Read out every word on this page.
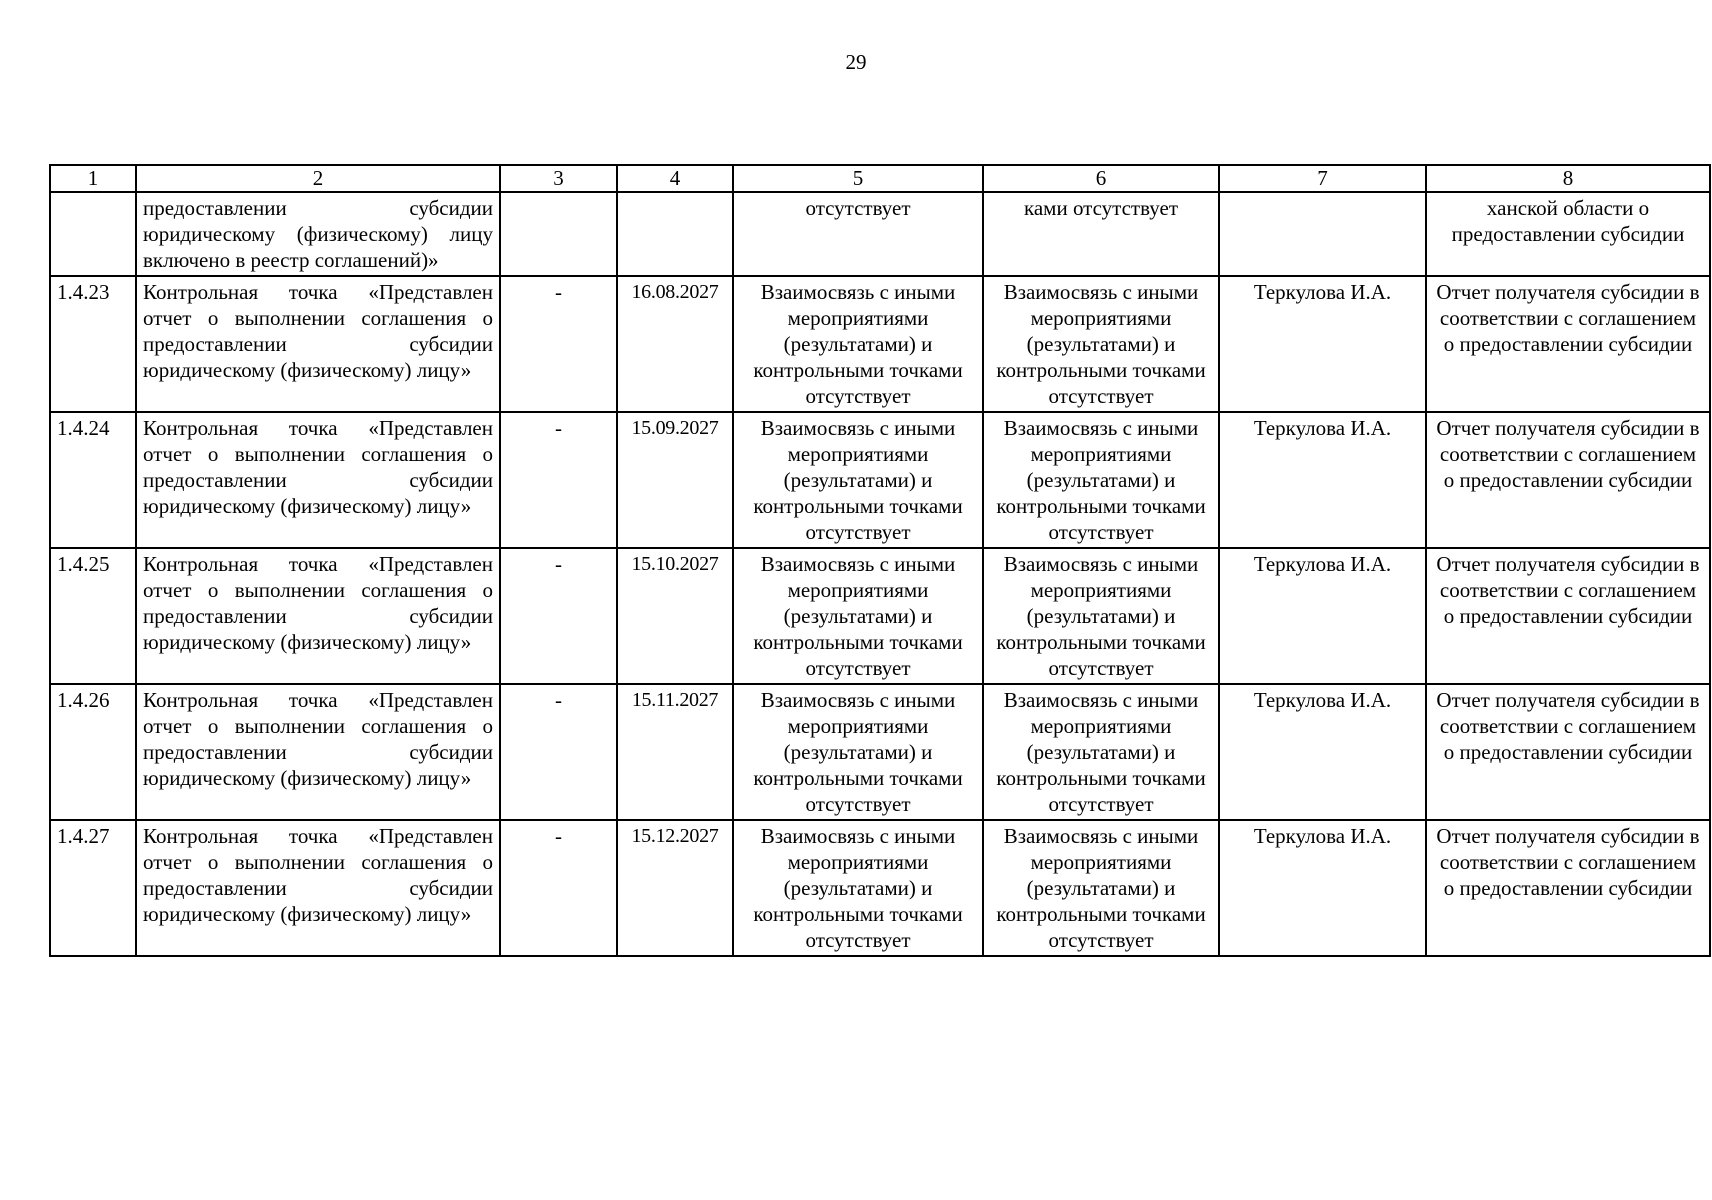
29
1	2	3	4	5	6	7	8
	предоставлении субсидии юридическому (физическому) лицу включено в реестр соглашений)»			отсутствует	ками отсутствует		ханской области о предоставлении субсидии
1.4.23	Контрольная точка «Представлен отчет о выполнении соглашения о предоставлении субсидии юридическому (физическому) лицу»	-	16.08.2027	Взаимосвязь с иными мероприятиями (результатами) и контрольными точками отсутствует	Взаимосвязь с иными мероприятиями (результатами) и контрольными точками отсутствует	Теркулова И.А.	Отчет получателя субсидии в соответствии с соглашением о предоставлении субсидии
1.4.24	Контрольная точка «Представлен отчет о выполнении соглашения о предоставлении субсидии юридическому (физическому) лицу»	-	15.09.2027	Взаимосвязь с иными мероприятиями (результатами) и контрольными точками отсутствует	Взаимосвязь с иными мероприятиями (результатами) и контрольными точками отсутствует	Теркулова И.А.	Отчет получателя субсидии в соответствии с соглашением о предоставлении субсидии
1.4.25	Контрольная точка «Представлен отчет о выполнении соглашения о предоставлении субсидии юридическому (физическому) лицу»	-	15.10.2027	Взаимосвязь с иными мероприятиями (результатами) и контрольными точками отсутствует	Взаимосвязь с иными мероприятиями (результатами) и контрольными точками отсутствует	Теркулова И.А.	Отчет получателя субсидии в соответствии с соглашением о предоставлении субсидии
1.4.26	Контрольная точка «Представлен отчет о выполнении соглашения о предоставлении субсидии юридическому (физическому) лицу»	-	15.11.2027	Взаимосвязь с иными мероприятиями (результатами) и контрольными точками отсутствует	Взаимосвязь с иными мероприятиями (результатами) и контрольными точками отсутствует	Теркулова И.А.	Отчет получателя субсидии в соответствии с соглашением о предоставлении субсидии
1.4.27	Контрольная точка «Представлен отчет о выполнении соглашения о предоставлении субсидии юридическому (физическому) лицу»	-	15.12.2027	Взаимосвязь с иными мероприятиями (результатами) и контрольными точками отсутствует	Взаимосвязь с иными мероприятиями (результатами) и контрольными точками отсутствует	Теркулова И.А.	Отчет получателя субсидии в соответствии с соглашением о предоставлении субсидии
